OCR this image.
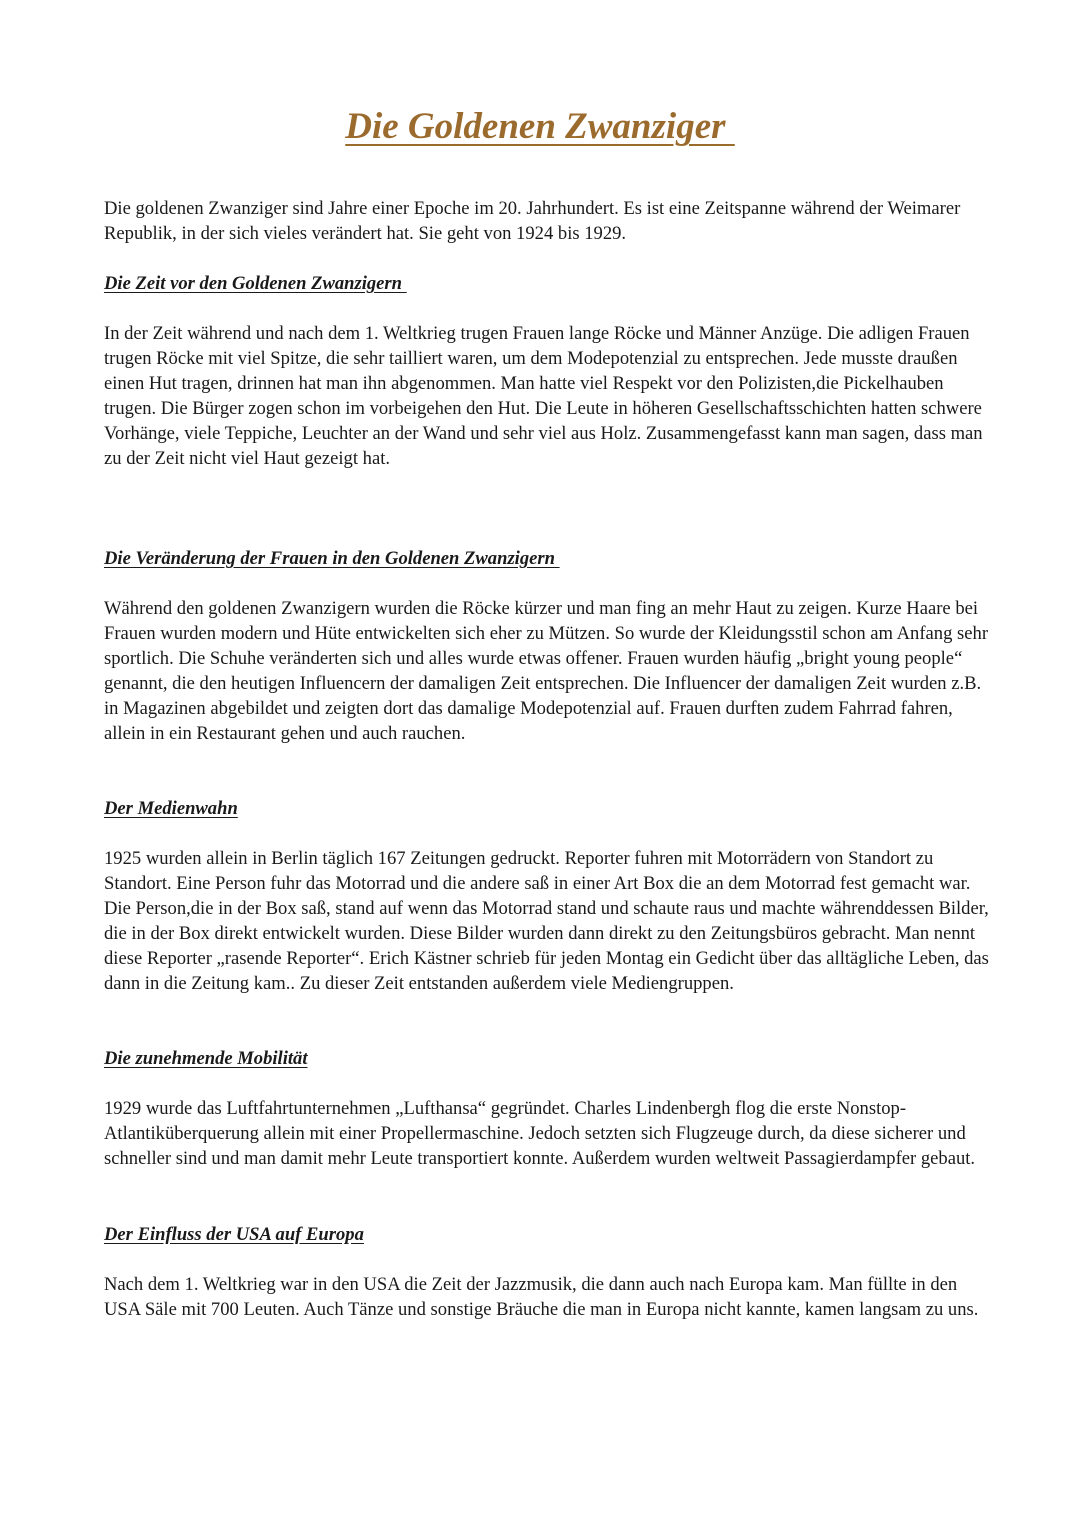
Die Goldenen Zwanziger

Die goldenen Zwanziger sind Jahre einer Epoche im 20. Jahrhundert. Es ist eine Zeitspanne während der Weimarer Republik, in der sich vieles verändert hat. Sie geht von 1924 bis 1929.

Die Zeit vor den Goldenen Zwanzigern

In der Zeit während und nach dem 1. Weltkrieg trugen Frauen lange Röcke und Männer Anzüge. Die adligen Frauen trugen Röcke mit viel Spitze, die sehr tailliert waren, um dem Modepotenzial zu entsprechen. Jede musste draußen einen Hut tragen, drinnen hat man ihn abgenommen. Man hatte viel Respekt vor den Polizisten,die Pickelhauben trugen. Die Bürger zogen schon im vorbeigehen den Hut. Die Leute in höheren Gesellschaftsschichten hatten schwere Vorhänge, viele Teppiche, Leuchter an der Wand und sehr viel aus Holz. Zusammengefasst kann man sagen, dass man zu der Zeit nicht viel Haut gezeigt hat.

Die Veränderung der Frauen in den Goldenen Zwanzigern

Während den goldenen Zwanzigern wurden die Röcke kürzer und man fing an mehr Haut zu zeigen. Kurze Haare bei Frauen wurden modern und Hüte entwickelten sich eher zu Mützen. So wurde der Kleidungsstil schon am Anfang sehr sportlich. Die Schuhe veränderten sich und alles wurde etwas offener. Frauen wurden häufig „bright young people“ genannt, die den heutigen Influencern der damaligen Zeit entsprechen. Die Influencer der damaligen Zeit wurden z.B. in Magazinen abgebildet und zeigten dort das damalige Modepotenzial auf. Frauen durften zudem Fahrrad fahren, allein in ein Restaurant gehen und auch rauchen.

Der Medienwahn

1925 wurden allein in Berlin täglich 167 Zeitungen gedruckt. Reporter fuhren mit Motorrädern von Standort zu Standort. Eine Person fuhr das Motorrad und die andere saß in einer Art Box die an dem Motorrad fest gemacht war. Die Person,die in der Box saß, stand auf wenn das Motorrad stand und schaute raus und machte währenddessen Bilder, die in der Box direkt entwickelt wurden. Diese Bilder wurden dann direkt zu den Zeitungsbüros gebracht. Man nennt diese Reporter „rasende Reporter“. Erich Kästner schrieb für jeden Montag ein Gedicht über das alltägliche Leben, das dann in die Zeitung kam.. Zu dieser Zeit entstanden außerdem viele Mediengruppen.

Die zunehmende Mobilität

1929 wurde das Luftfahrtunternehmen „Lufthansa“ gegründet. Charles Lindenbergh flog die erste Nonstop-Atlantiküberquerung allein mit einer Propellermaschine. Jedoch setzten sich Flugzeuge durch, da diese sicherer und schneller sind und man damit mehr Leute transportiert konnte. Außerdem wurden weltweit Passagierdampfer gebaut.

Der Einfluss der USA auf Europa

Nach dem 1. Weltkrieg war in den USA die Zeit der Jazzmusik, die dann auch nach Europa kam. Man füllte in den USA Säle mit 700 Leuten. Auch Tänze und sonstige Bräuche die man in Europa nicht kannte, kamen langsam zu uns.
